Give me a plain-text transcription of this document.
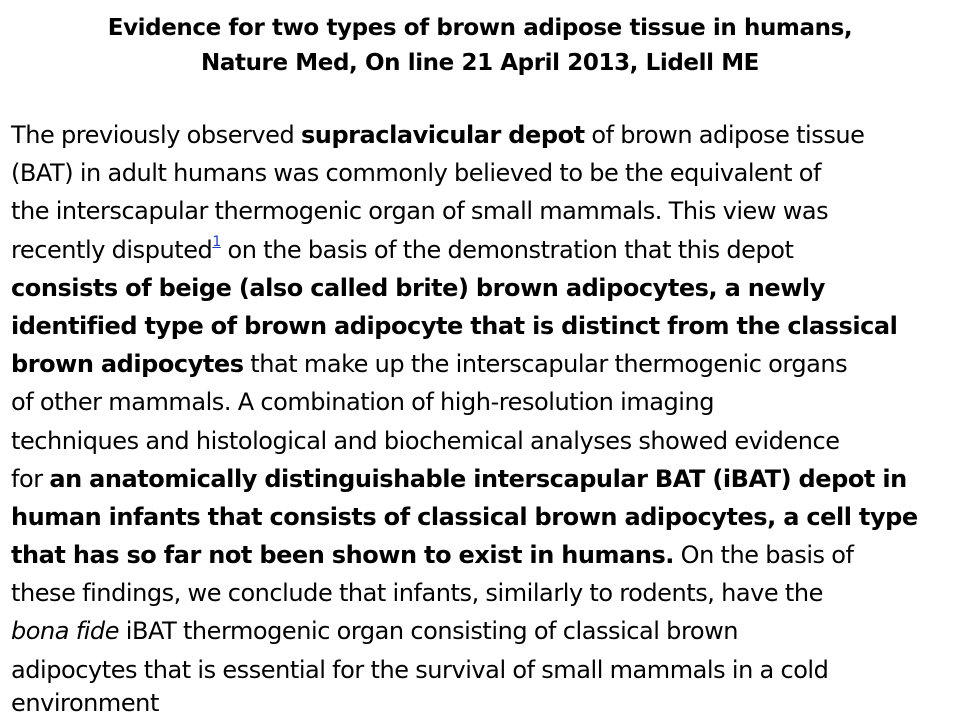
Evidence for two types of brown adipose tissue in humans,
Nature Med, On line 21 April 2013, Lidell ME
The previously observed supraclavicular depot of brown adipose tissue
(BAT) in adult humans was commonly believed to be the equivalent of
the interscapular thermogenic organ of small mammals. This view was
recently disputed$^1$ on the basis of the demonstration that this depot
consists of beige (also called brite) brown adipocytes, a newly
identified type of brown adipocyte that is distinct from the classical
brown adipocytes that make up the interscapular thermogenic organs
of other mammals. A combination of high-resolution imaging
techniques and histological and biochemical analyses showed evidence
for an anatomically distinguishable interscapular BAT (iBAT) depot in
human infants that consists of classical brown adipocytes, a cell type
that has so far not been shown to exist in humans. On the basis of
these findings, we conclude that infants, similarly to rodents, have the
bona fide iBAT thermogenic organ consisting of classical brown
adipocytes that is essential for the survival of small mammals in a cold
environment
